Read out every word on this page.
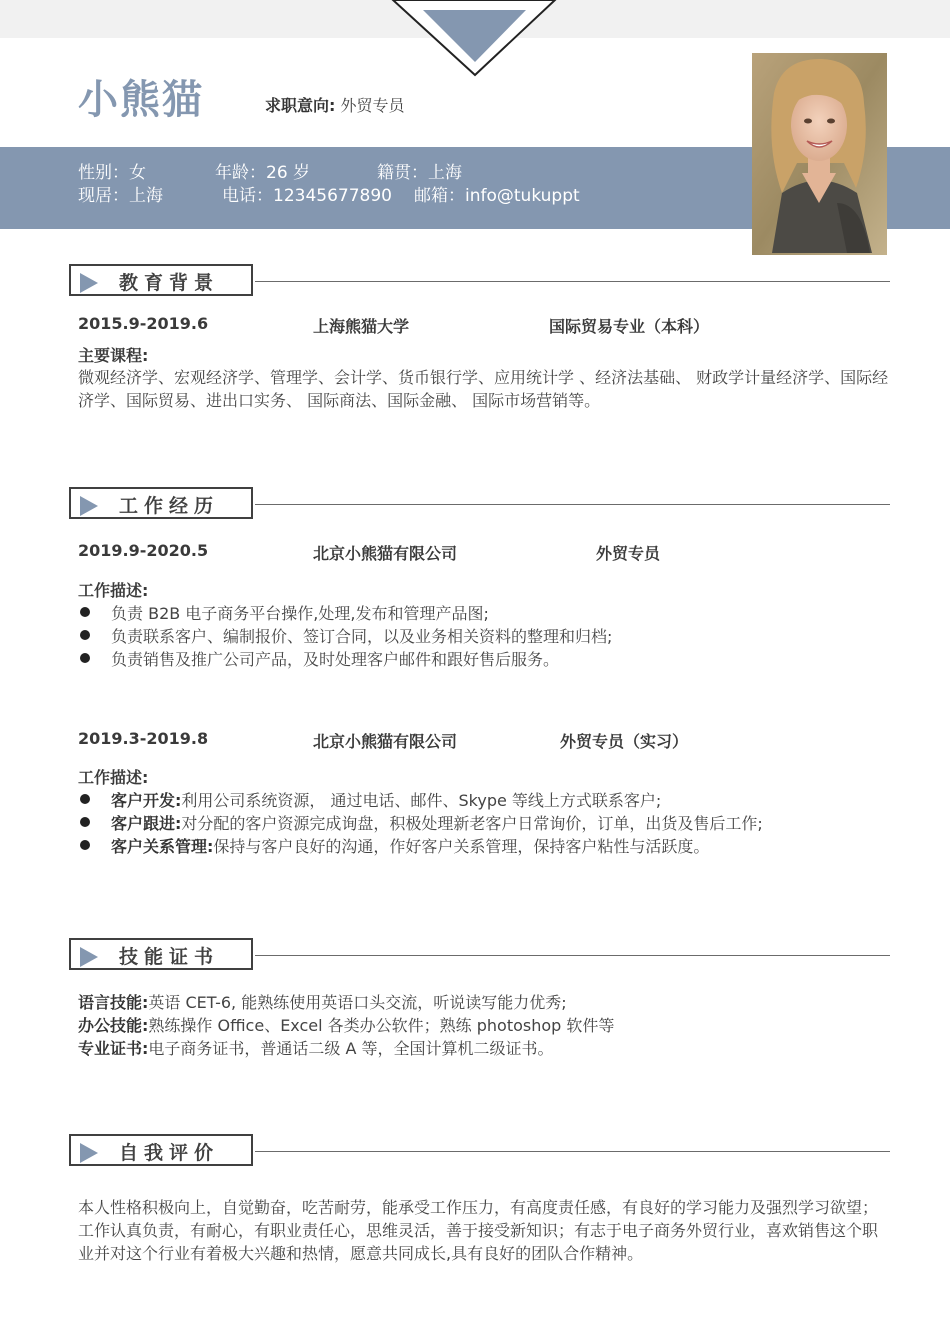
小熊猫	求职意向: 外贸专员
性别：女	年龄：26 岁	籍贯：上海
现居：上海	电话：12345677890 邮箱：info@tukuppt
教育背景
2015.9-2019.6	上海熊猫大学	国际贸易专业（本科）
主要课程:
微观经济学、宏观经济学、管理学、会计学、货币银行学、应用统计学 、经济法基础、 财政学计量经济学、国际经济学、国际贸易、进出口实务、 国际商法、国际金融、 国际市场营销等。
工作经历
2019.9-2020.5	北京小熊猫有限公司	外贸专员
工作描述:
负责 B2B 电子商务平台操作,处理,发布和管理产品图;
负责联系客户、编制报价、签订合同，以及业务相关资料的整理和归档;
负责销售及推广公司产品，及时处理客户邮件和跟好售后服务。
2019.3-2019.8	北京小熊猫有限公司	外贸专员（实习）
工作描述:
客户开发:利用公司系统资源， 通过电话、邮件、Skype 等线上方式联系客户;
客户跟进:对分配的客户资源完成询盘，积极处理新老客户日常询价，订单，出货及售后工作;
客户关系管理:保持与客户良好的沟通，作好客户关系管理，保持客户粘性与活跃度。
技能证书
语言技能:英语 CET-6, 能熟练使用英语口头交流，听说读写能力优秀;
办公技能:熟练操作 Office、Excel 各类办公软件；熟练 photoshop 软件等
专业证书:电子商务证书，普通话二级 A 等，全国计算机二级证书。
自我评价
本人性格积极向上，自觉勤奋，吃苦耐劳，能承受工作压力，有高度责任感，有良好的学习能力及强烈学习欲望；工作认真负责，有耐心，有职业责任心，思维灵活，善于接受新知识；有志于电子商务外贸行业，喜欢销售这个职业并对这个行业有着极大兴趣和热情，愿意共同成长,具有良好的团队合作精神。
